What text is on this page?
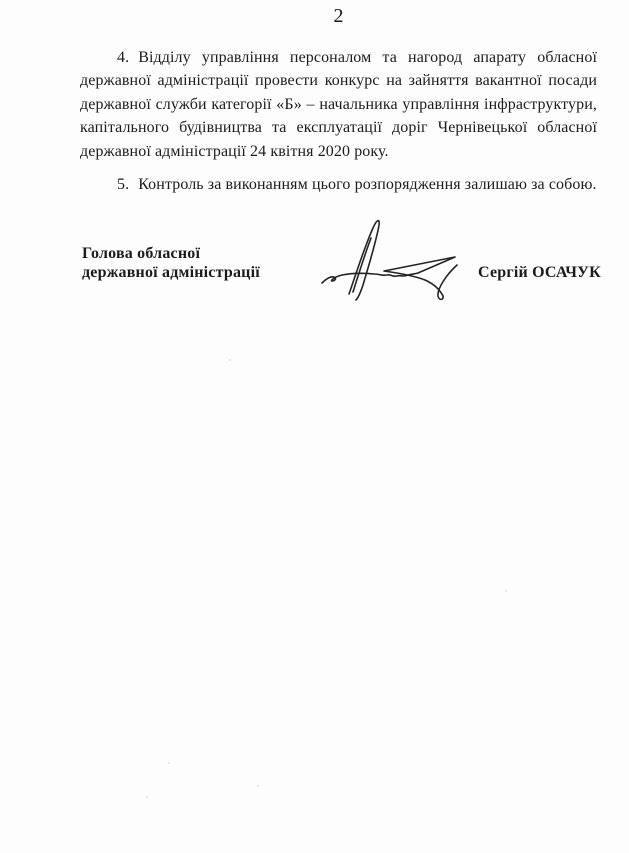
2

4. Відділу управління персоналом та нагород апарату обласної державної адміністрації провести конкурс на зайняття вакантної посади державної служби категорії «Б» – начальника управління інфраструктури, капітального будівництва та експлуатації доріг Чернівецької обласної державної адміністрації 24 квітня 2020 року.

5. Контроль за виконанням цього розпорядження залишаю за собою.

Голова обласної
державної адміністрації	Сергій ОСАЧУК
